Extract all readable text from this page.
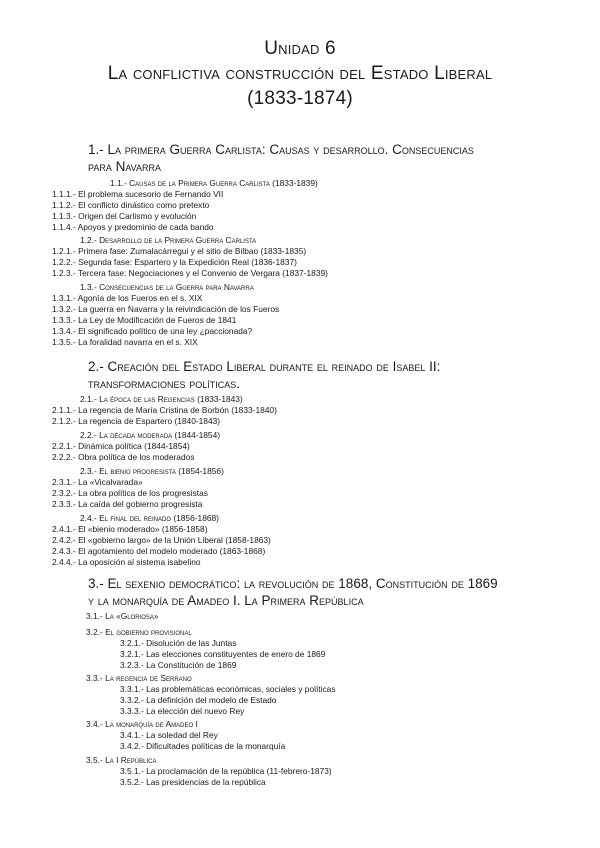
Unidad 6
La conflictiva construcción del Estado Liberal
(1833-1874)
1.- La primera Guerra Carlista: Causas y desarrollo. Consecuencias
para Navarra
1.1.- Causas de la Primera Guerra Carlista (1833-1839)
1.1.1.- El problema sucesorio de Fernando VII
1.1.2.- El conflicto dinástico como pretexto
1.1.3.- Origen del Carlismo y evolución
1.1.4.- Apoyos y predominio de cada bando
1.2.- Desarrollo de la Primera Guerra Carlista
1.2.1.- Primera fase: Zumalacárregui y el sitio de Bilbao (1833-1835)
1.2.2.- Segunda fase: Espartero y la Expedición Real (1836-1837)
1.2.3.- Tercera fase: Negociaciones y el Convenio de Vergara (1837-1839)
1.3.- Consecuencias de la Guerra para Navarra
1.3.1.- Agonía de los Fueros en el s. XIX
1.3.2.- La guerra en Navarra y la reivindicación de los Fueros
1.3.3.- La Ley de Modificación de Fueros de 1841
1.3.4.- El significado político de una ley ¿paccionada?
1.3.5.- La foralidad navarra en el s. XIX
2.- Creación del Estado Liberal durante el reinado de Isabel II:
transformaciones políticas.
2.1.- La época de las Regencias (1833-1843)
2.1.1.- La regencia de María Cristina de Borbón (1833-1840)
2.1.2.- La regencia de Espartero (1840-1843)
2.2.- La década moderada (1844-1854)
2.2.1.- Dinámica política (1844-1854)
2.2.2.- Obra política de los moderados
2.3.- El bienio progresista (1854-1856)
2.3.1.- La «Vicalvarada»
2.3.2.- La obra política de los progresistas
2.3.3.- La caída del gobierno progresista
2.4.- El final del reinado (1856-1868)
2.4.1.- El «bienio moderado» (1856-1858)
2.4.2.- El «gobierno largo» de la Unión Liberal (1858-1863)
2.4.3.- El agotamiento del modelo moderado (1863-1868)
2.4.4.- La oposición al sistema isabelino
3.- El sexenio democrático: la revolución de 1868, Constitución de 1869
y la monarquía de Amadeo I. La Primera República
3.1.- La «Gloriosa»
3.2.- El gobierno provisional
3.2.1.- Disolución de las Juntas
3.2.1.- Las elecciones constituyentes de enero de 1869
3.2.3.- La Constitución de 1869
3.3.- La regencia de Serrano
3.3.1.- Las problemáticas económicas, sociales y políticas
3.3.2.- La definición del modelo de Estado
3.3.3.- La elección del nuevo Rey
3.4.- La monarquía de Amadeo I
3.4.1.- La soledad del Rey
3.4.2.- Dificultades políticas de la monarquía
3.5.- La I República
3.5.1.- La proclamación de la república (11-febrero-1873)
3.5.2.- Las presidencias de la república
